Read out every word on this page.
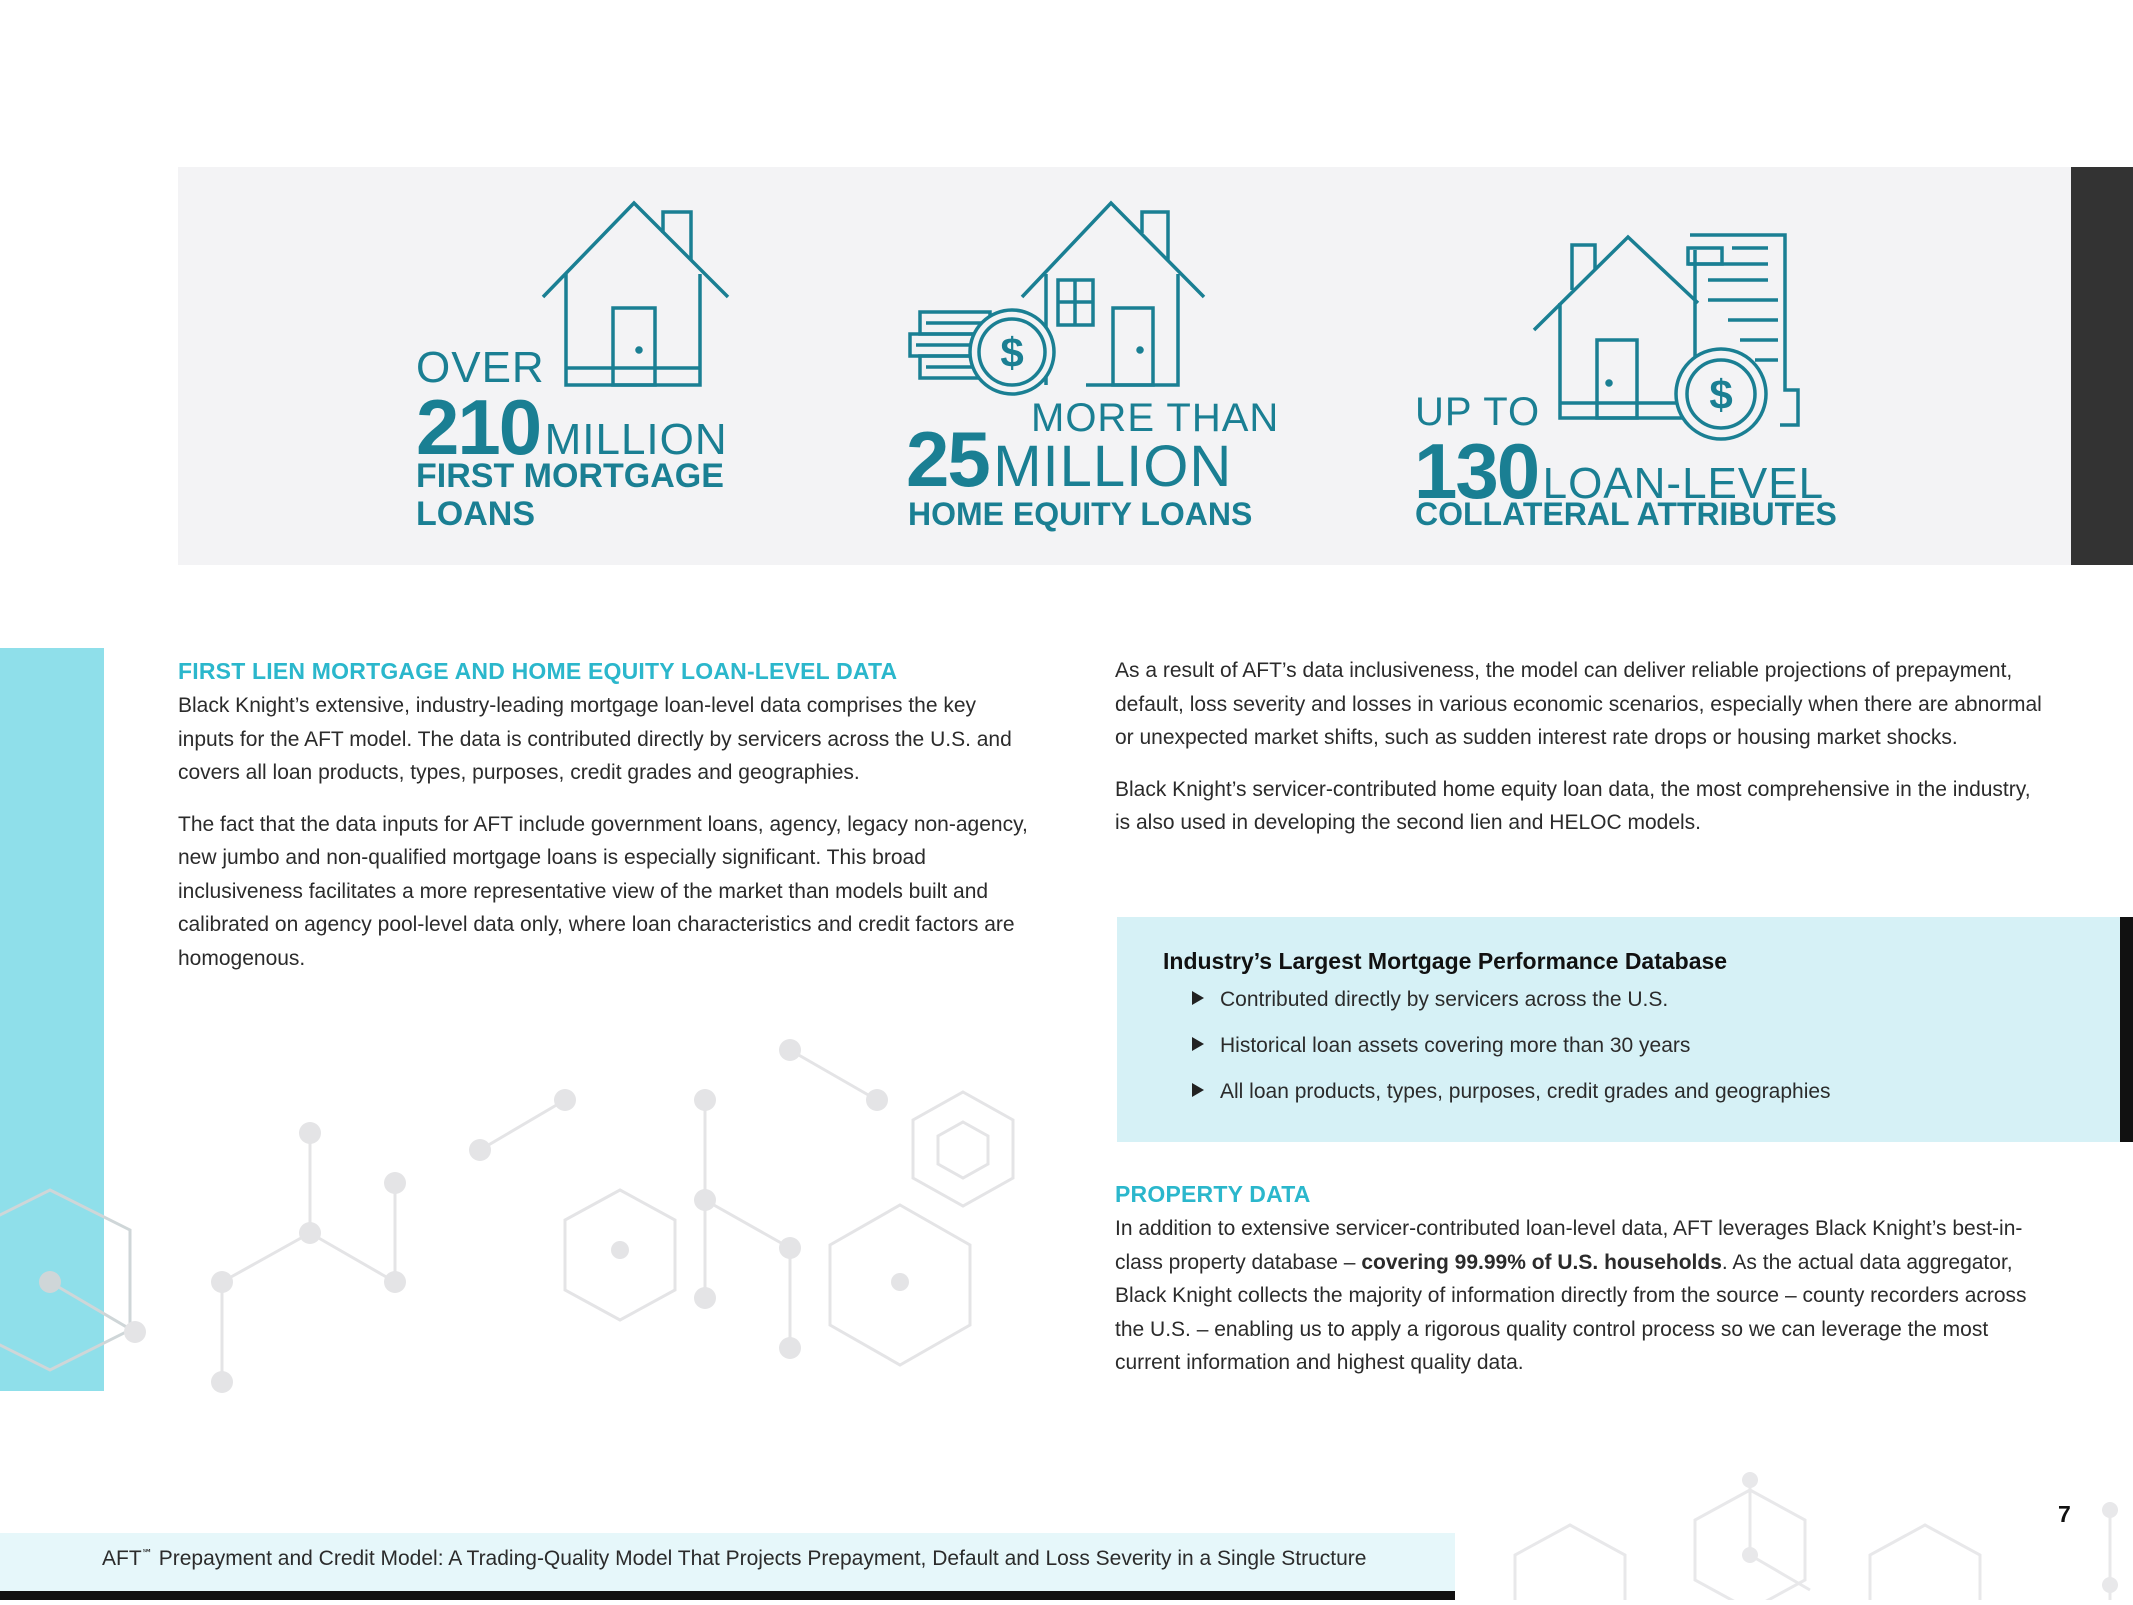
OVER
210 MILLION
FIRST MORTGAGE
LOANS
$
MORE THAN
25 MILLION
HOME EQUITY LOANS
$
UP TO
130 LOAN-LEVEL
COLLATERAL ATTRIBUTES
FIRST LIEN MORTGAGE AND HOME EQUITY LOAN-LEVEL DATA

Black Knight’s extensive, industry-leading mortgage loan-level data comprises the key inputs for the AFT model. The data is contributed directly by servicers across the U.S. and covers all loan products, types, purposes, credit grades and geographies.

The fact that the data inputs for AFT include government loans, agency, legacy non-agency, new jumbo and non-qualified mortgage loans is especially significant. This broad inclusiveness facilitates a more representative view of the market than models built and calibrated on agency pool-level data only, where loan characteristics and credit factors are homogenous.

As a result of AFT’s data inclusiveness, the model can deliver reliable projections of prepayment, default, loss severity and losses in various economic scenarios, especially when there are abnormal or unexpected market shifts, such as sudden interest rate drops or housing market shocks.

Black Knight’s servicer-contributed home equity loan data, the most comprehensive in the industry, is also used in developing the second lien and HELOC models.

Industry’s Largest Mortgage Performance Database
Contributed directly by servicers across the U.S.
Historical loan assets covering more than 30 years
All loan products, types, purposes, credit grades and geographies
PROPERTY DATA
In addition to extensive servicer-contributed loan-level data, AFT leverages Black Knight’s best-in-class property database – covering 99.99% of U.S. households. As the actual data aggregator, Black Knight collects the majority of information directly from the source – county recorders across the U.S. – enabling us to apply a rigorous quality control process so we can leverage the most current information and highest quality data.
AFT℠ Prepayment and Credit Model: A Trading-Quality Model That Projects Prepayment, Default and Loss Severity in a Single Structure
7
